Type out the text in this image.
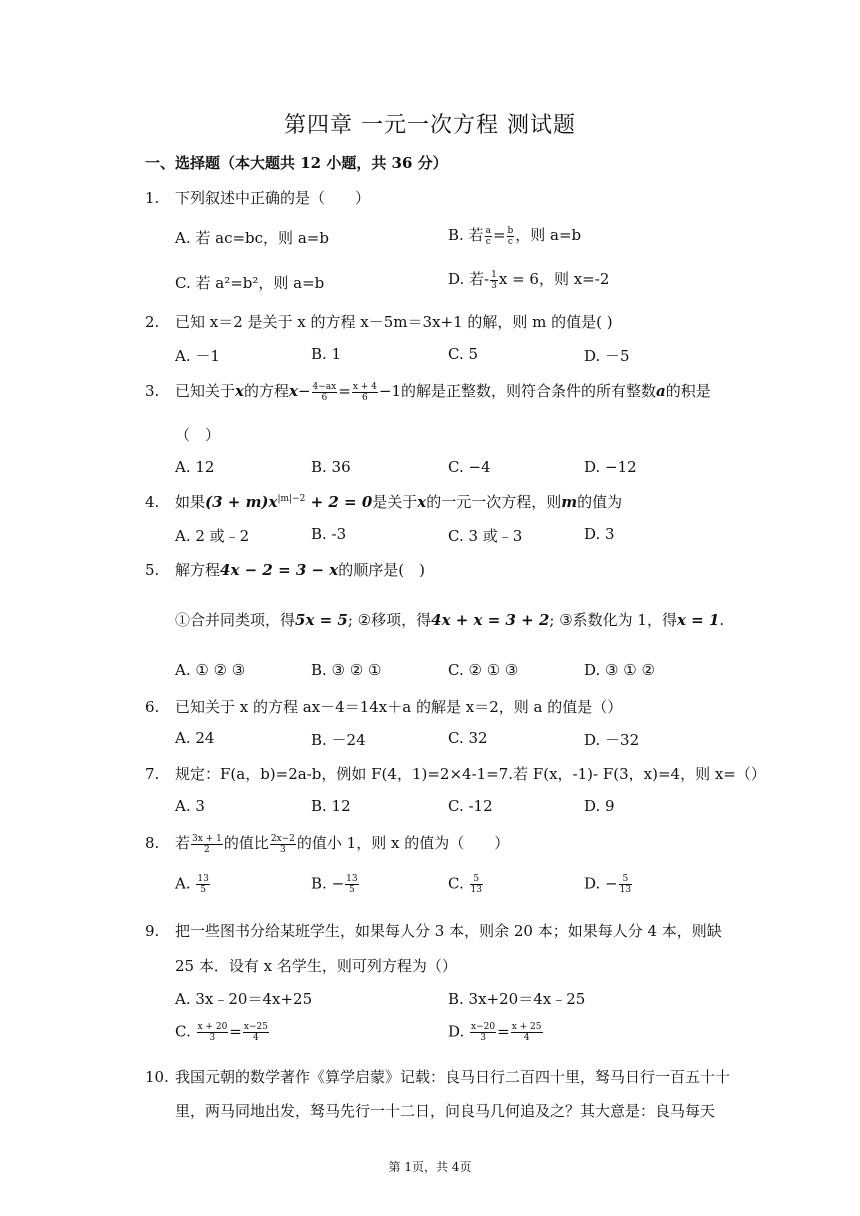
第四章 一元一次方程 测试题
一、选择题（本大题共 12 小题，共 36 分）
1. 下列叙述中正确的是（　　）
A. 若 ac=bc，则 a=b	B. 若 $\frac{a}{c} = \frac{b}{c}$ ，则 a=b
C. 若 a²=b²，则 a=b	D. 若- $\frac{1}{3}$ x = 6，则 x=-2
2. 已知 x＝2 是关于 x 的方程 x－5m＝3x+1 的解，则 m 的值是( )
A. －1	B. 1	C. 5	D. －5
3. 已知关于x的方程$x- \frac{4-ax}{6} = \frac{x + 4}{6} -1$的解是正整数，则符合条件的所有整数a的积是
（　）
A. 12	B. 36	C. −4	D. −12
4. 如果$(3 + m)x^{|m|-2} + 2 = 0$是关于x的一元一次方程，则m的值为
A. 2 或﹣2	B. -3	C. 3 或﹣3	D. 3
5. 解方程4x − 2 = 3 − x的顺序是(　)
①合并同类项，得5x = 5; ②移项，得4x + x = 3 + 2; ③系数化为 1，得x = 1.
A. ① ② ③	B. ③ ② ①	C. ② ① ③	D. ③ ① ②
6. 已知关于 x 的方程 ax－4＝14x＋a 的解是 x＝2，则 a 的值是（）
A. 24	B. －24	C. 32	D. －32
7. 规定：F(a，b)=2a-b，例如 F(4，1)=2×4-1=7.若 F(x，-1)- F(3，x)=4，则 x=（）
A. 3	B. 12	C. -12	D. 9
8. 若 $\frac{3x + 1}{2}$ 的值比 $\frac{2x-2}{3}$ 的值小 1，则 x 的值为（　　）
A. $\frac{13}{5}$	B. − $\frac{13}{5}$	C. $\frac{5}{13}$	D. − $\frac{5}{13}$
9. 把一些图书分给某班学生，如果每人分 3 本，则余 20 本；如果每人分 4 本，则缺
25 本．设有 x 名学生，则可列方程为（）
A. 3x﹣20＝4x+25	B. 3x+20＝4x﹣25
C. $\frac{x + 20}{3} = \frac{x-25}{4}$	D. $\frac{x-20}{3} = \frac{x + 25}{4}$
10. 我国元朝的数学著作《算学启蒙》记载：良马日行二百四十里，驽马日行一百五十十
里，两马同地出发，驽马先行一十二日，问良马几何追及之？其大意是：良马每天
第 1页，共 4页
